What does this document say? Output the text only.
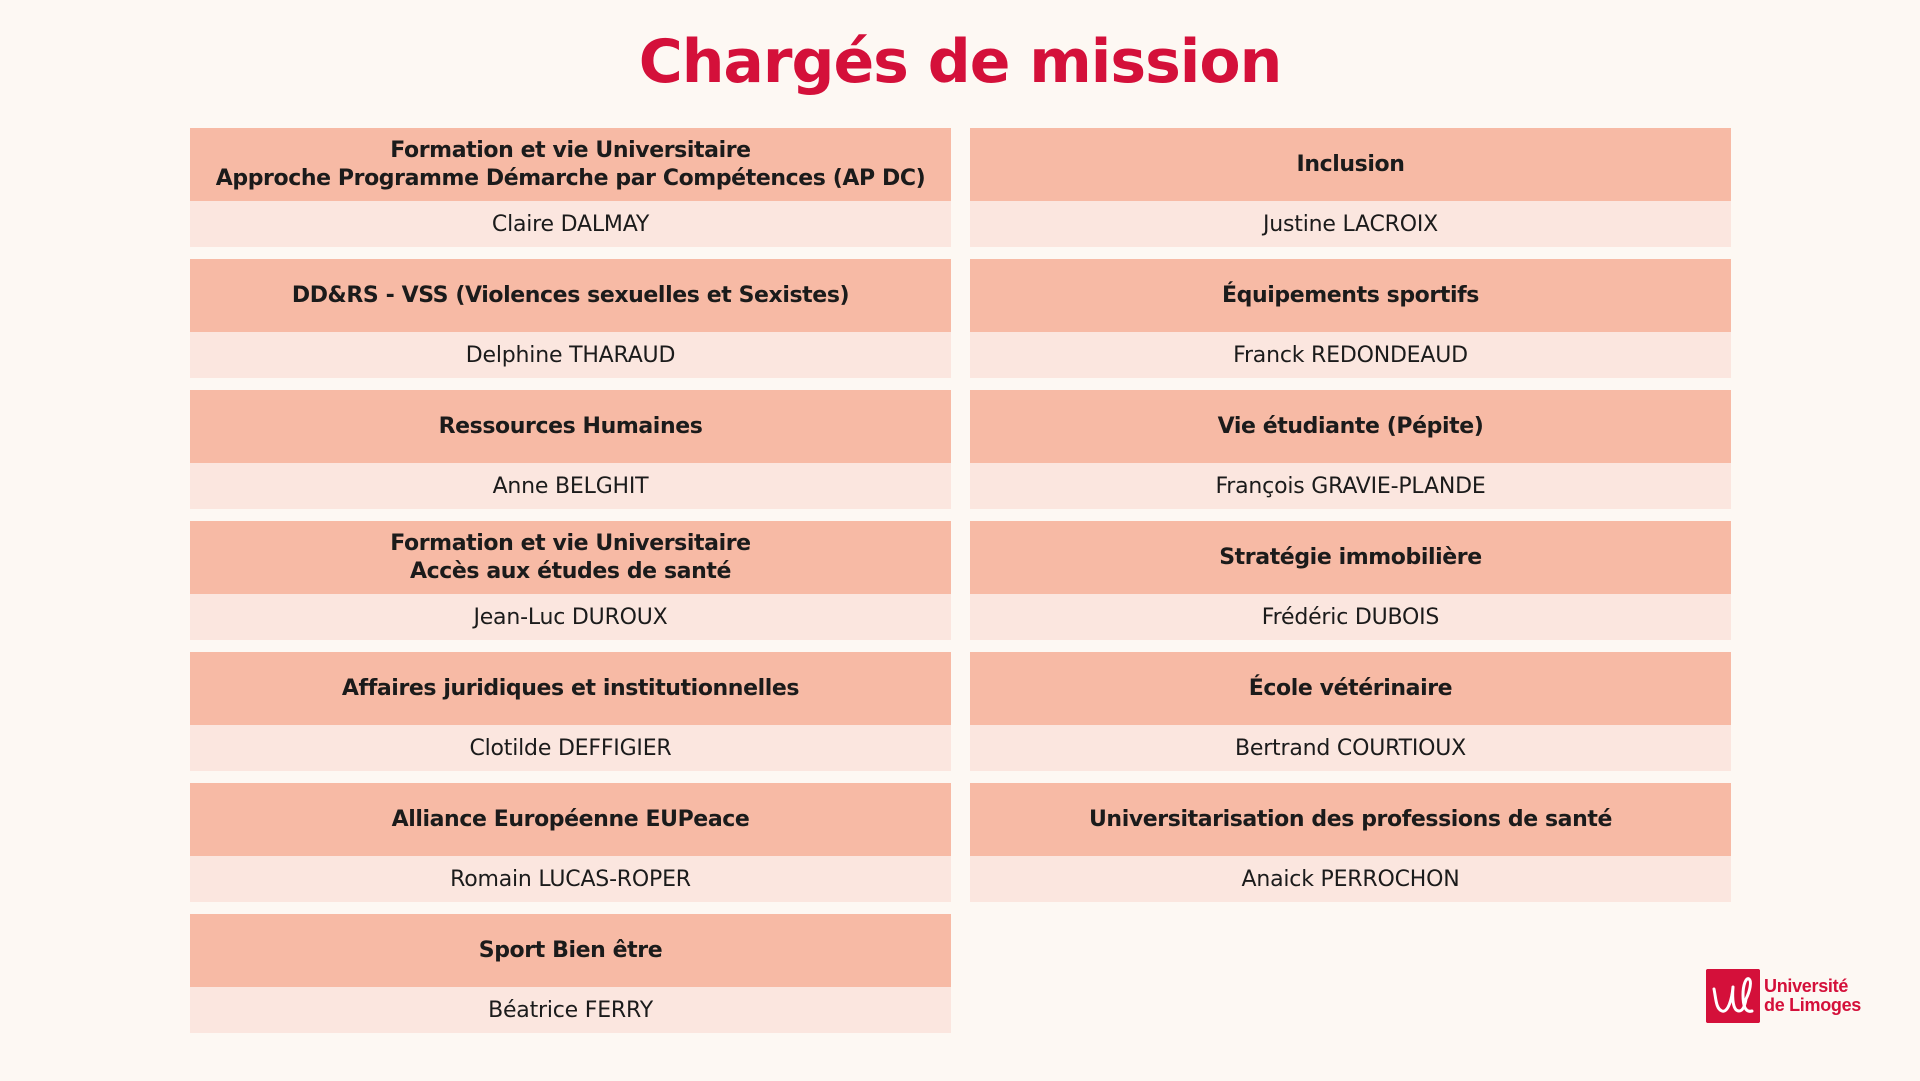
Chargés de mission
Formation et vie Universitaire
Approche Programme Démarche par Compétences (AP DC)
Claire DALMAY
DD&RS - VSS (Violences sexuelles et Sexistes)
Delphine THARAUD
Ressources Humaines
Anne BELGHIT
Formation et vie Universitaire
Accès aux études de santé
Jean-Luc DUROUX
Affaires juridiques et institutionnelles
Clotilde DEFFIGIER
Alliance Européenne EUPeace
Romain LUCAS-ROPER
Sport Bien être
Béatrice FERRY
Inclusion
Justine LACROIX
Équipements sportifs
Franck REDONDEAUD
Vie étudiante (Pépite)
François GRAVIE-PLANDE
Stratégie immobilière
Frédéric DUBOIS
École vétérinaire
Bertrand COURTIOUX
Universitarisation des professions de santé
Anaick PERROCHON
Université
de Limoges
